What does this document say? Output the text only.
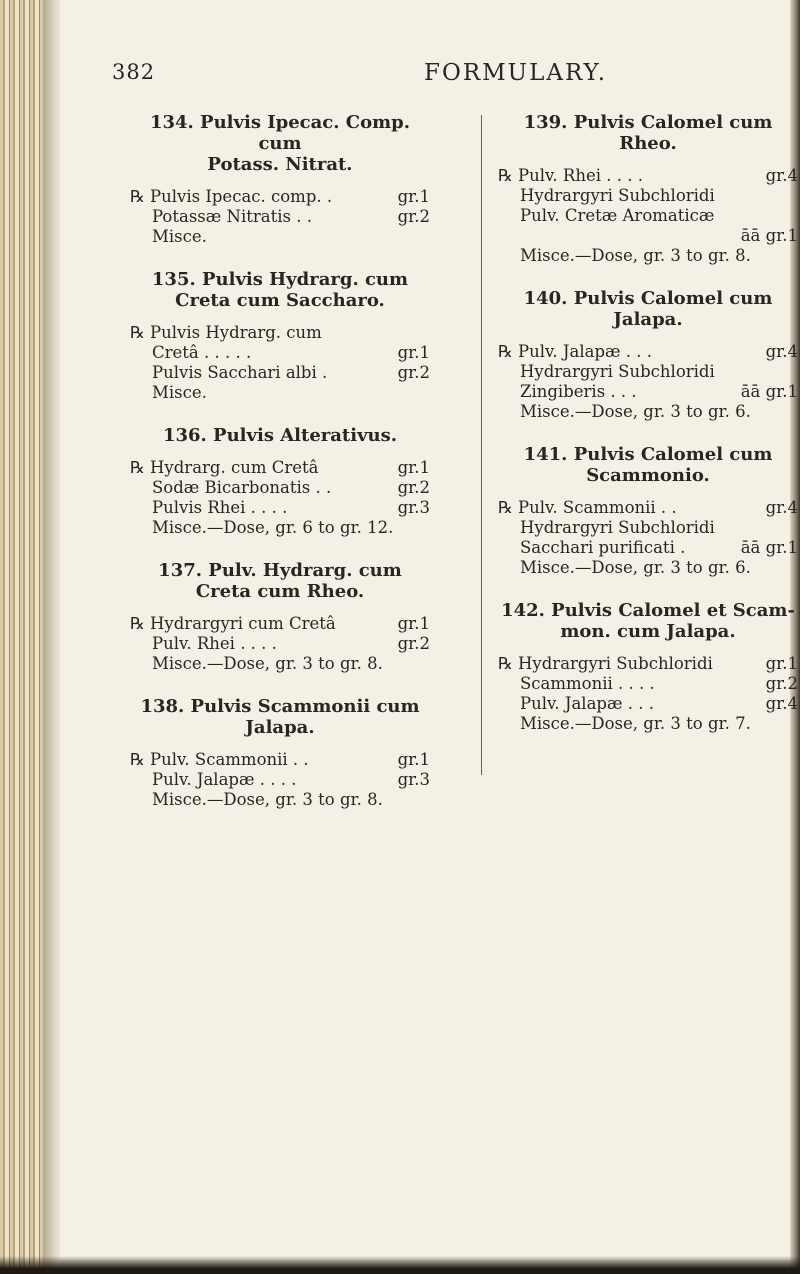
382	FORMULARY.
134. Pulvis Ipecac. Comp. cum
Potass. Nitrat.
℞ Pulvis Ipecac. comp. .	gr.1
Potassæ Nitratis . .	gr.2
Misce.
135. Pulvis Hydrarg. cum
Creta cum Saccharo.
℞ Pulvis Hydrarg. cum
Cretâ . . . . .	gr.1
Pulvis Sacchari albi .	gr.2
Misce.
136. Pulvis Alterativus.
℞ Hydrarg. cum Cretâ	gr.1
Sodæ Bicarbonatis . .	gr.2
Pulvis Rhei . . . .	gr.3
Misce.—Dose, gr. 6 to gr. 12.
137. Pulv. Hydrarg. cum
Creta cum Rheo.
℞ Hydrargyri cum Cretâ	gr.1
Pulv. Rhei . . . .	gr.2
Misce.—Dose, gr. 3 to gr. 8.
138. Pulvis Scammonii cum
Jalapa.
℞ Pulv. Scammonii . .	gr.1
Pulv. Jalapæ . . . .	gr.3
Misce.—Dose, gr. 3 to gr. 8.
139. Pulvis Calomel cum
Rheo.
℞ Pulv. Rhei . . . .	gr.4
Hydrargyri Subchloridi
Pulv. Cretæ Aromaticæ
āā gr.1
Misce.—Dose, gr. 3 to gr. 8.
140. Pulvis Calomel cum
Jalapa.
℞ Pulv. Jalapæ . . .	gr.4
Hydrargyri Subchloridi
Zingiberis . . .	āā gr.1
Misce.—Dose, gr. 3 to gr. 6.
141. Pulvis Calomel cum
Scammonio.
℞ Pulv. Scammonii . .	gr.4
Hydrargyri Subchloridi
Sacchari purificati .	āā gr.1
Misce.—Dose, gr. 3 to gr. 6.
142. Pulvis Calomel et Scam-
mon. cum Jalapa.
℞ Hydrargyri Subchloridi	gr.1
Scammonii . . . .	gr.2
Pulv. Jalapæ . . .	gr.4
Misce.—Dose, gr. 3 to gr. 7.
